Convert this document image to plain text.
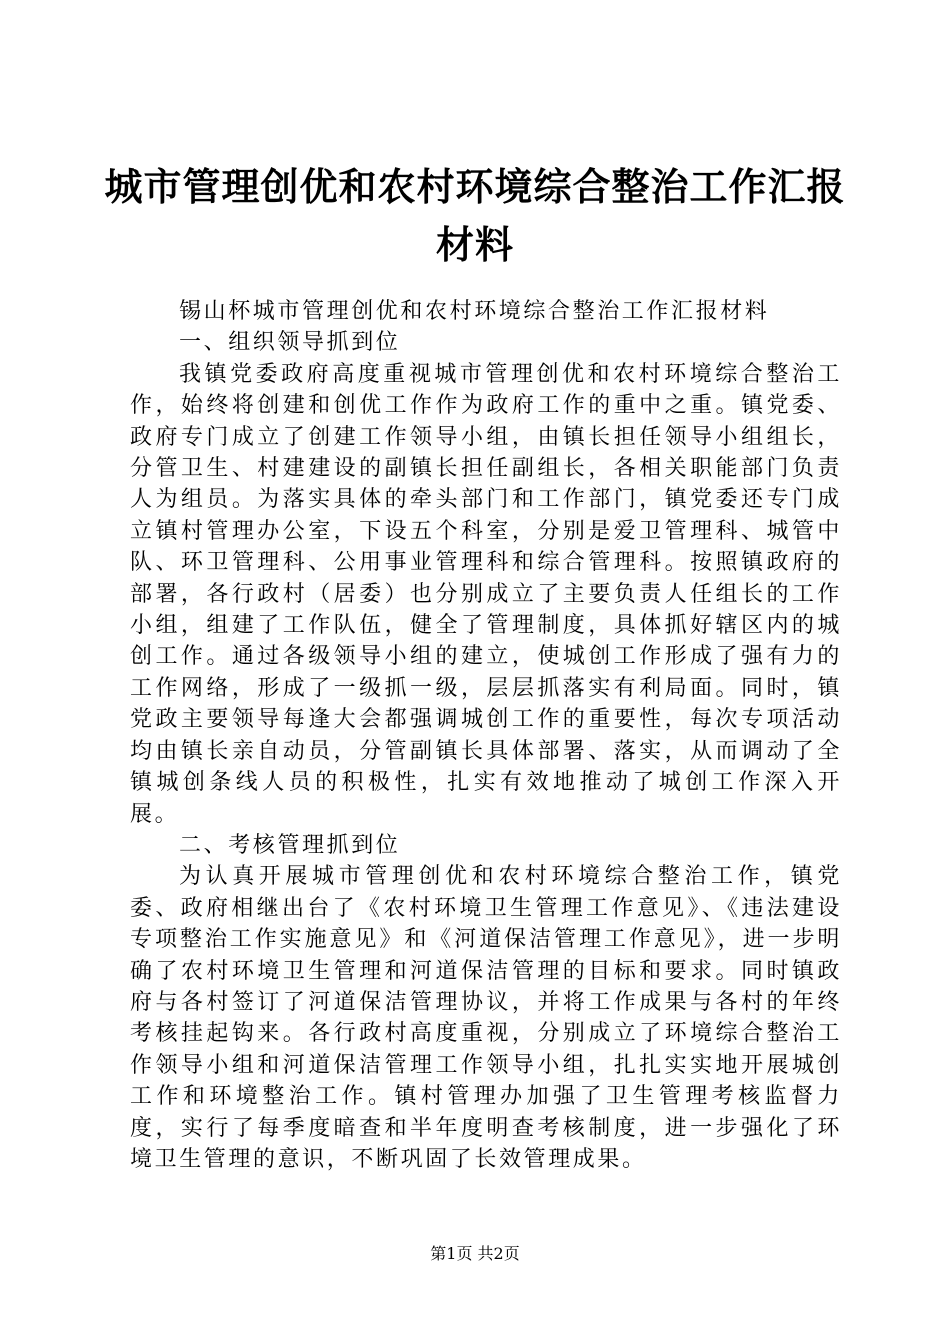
城市管理创优和农村环境综合整治工作汇报材料

锡山杯城市管理创优和农村环境综合整治工作汇报材料

一、组织领导抓到位

我镇党委政府高度重视城市管理创优和农村环境综合整治工作，始终将创建和创优工作作为政府工作的重中之重。镇党委、政府专门成立了创建工作领导小组，由镇长担任领导小组组长，分管卫生、村建建设的副镇长担任副组长，各相关职能部门负责人为组员。为落实具体的牵头部门和工作部门，镇党委还专门成立镇村管理办公室，下设五个科室，分别是爱卫管理科、城管中队、环卫管理科、公用事业管理科和综合管理科。按照镇政府的部署，各行政村（居委）也分别成立了主要负责人任组长的工作小组，组建了工作队伍，健全了管理制度，具体抓好辖区内的城创工作。通过各级领导小组的建立，使城创工作形成了强有力的工作网络，形成了一级抓一级，层层抓落实有利局面。同时，镇党政主要领导每逢大会都强调城创工作的重要性，每次专项活动均由镇长亲自动员，分管副镇长具体部署、落实，从而调动了全镇城创条线人员的积极性，扎实有效地推动了城创工作深入开展。

二、考核管理抓到位

为认真开展城市管理创优和农村环境综合整治工作，镇党委、政府相继出台了《农村环境卫生管理工作意见》、《违法建设专项整治工作实施意见》和《河道保洁管理工作意见》，进一步明确了农村环境卫生管理和河道保洁管理的目标和要求。同时镇政府与各村签订了河道保洁管理协议，并将工作成果与各村的年终考核挂起钩来。各行政村高度重视，分别成立了环境综合整治工作领导小组和河道保洁管理工作领导小组，扎扎实实地开展城创工作和环境整治工作。镇村管理办加强了卫生管理考核监督力度，实行了每季度暗查和半年度明查考核制度，进一步强化了环境卫生管理的意识，不断巩固了长效管理成果。

第1页 共2页
